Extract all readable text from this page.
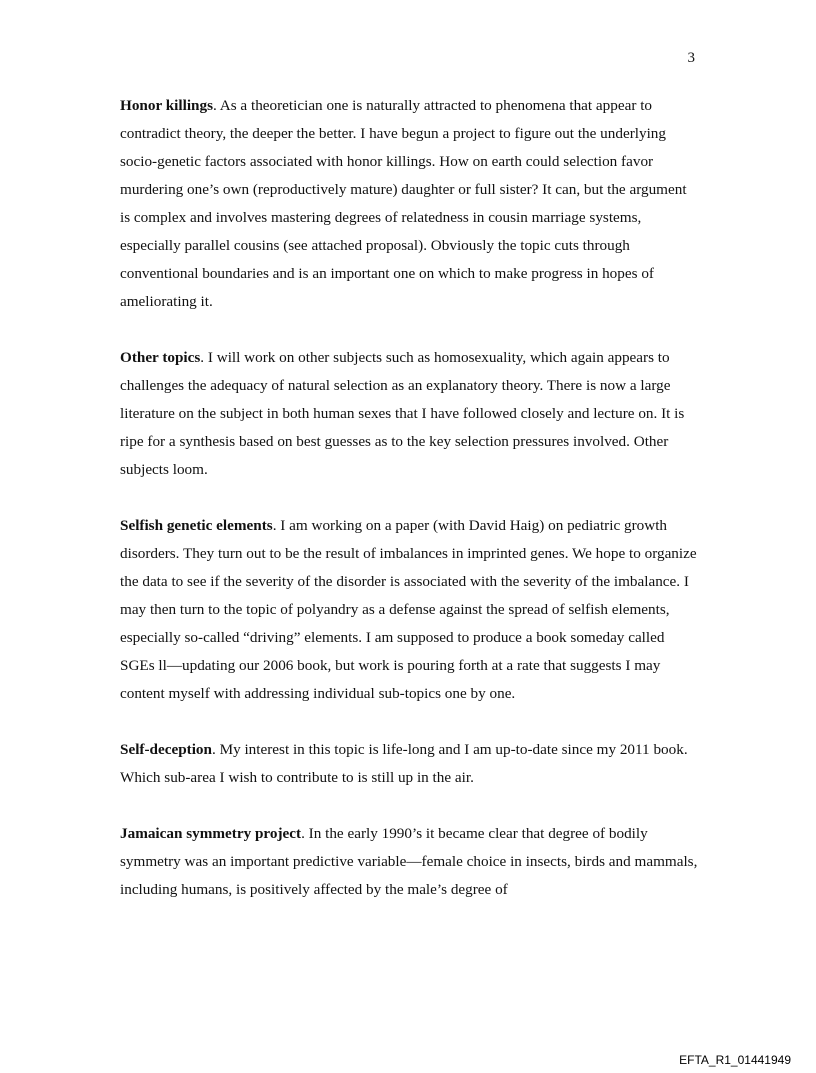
3

Honor killings. As a theoretician one is naturally attracted to phenomena that appear to contradict theory, the deeper the better. I have begun a project to figure out the underlying socio-genetic factors associated with honor killings. How on earth could selection favor murdering one’s own (reproductively mature) daughter or full sister? It can, but the argument is complex and involves mastering degrees of relatedness in cousin marriage systems, especially parallel cousins (see attached proposal). Obviously the topic cuts through conventional boundaries and is an important one on which to make progress in hopes of ameliorating it.

Other topics. I will work on other subjects such as homosexuality, which again appears to challenges the adequacy of natural selection as an explanatory theory. There is now a large literature on the subject in both human sexes that I have followed closely and lecture on. It is ripe for a synthesis based on best guesses as to the key selection pressures involved. Other subjects loom.

Selfish genetic elements. I am working on a paper (with David Haig) on pediatric growth disorders. They turn out to be the result of imbalances in imprinted genes. We hope to organize the data to see if the severity of the disorder is associated with the severity of the imbalance. I may then turn to the topic of polyandry as a defense against the spread of selfish elements, especially so-called “driving” elements. I am supposed to produce a book someday called SGEs ll—updating our 2006 book, but work is pouring forth at a rate that suggests I may content myself with addressing individual sub-topics one by one.

Self-deception. My interest in this topic is life-long and I am up-to-date since my 2011 book. Which sub-area I wish to contribute to is still up in the air.

Jamaican symmetry project. In the early 1990’s it became clear that degree of bodily symmetry was an important predictive variable—female choice in insects, birds and mammals, including humans, is positively affected by the male’s degree of

EFTA_R1_01441949
